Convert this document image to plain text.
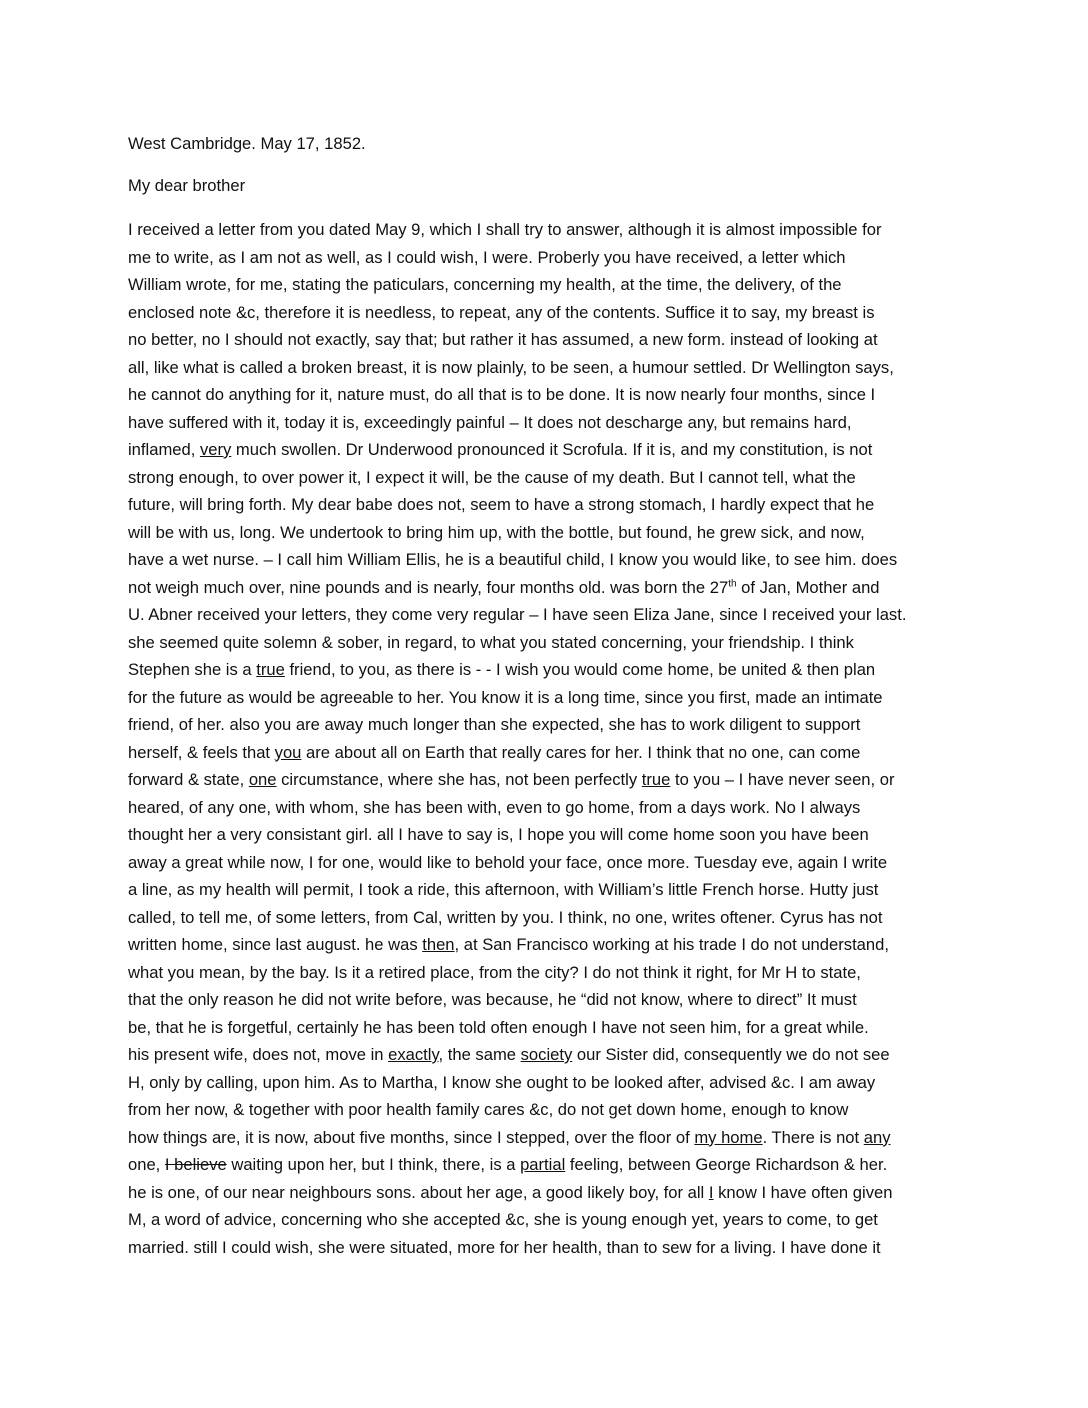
West Cambridge. May 17, 1852.
My dear brother
I received a letter from you dated May 9, which I shall try to answer, although it is almost impossible for
me to write, as I am not as well, as I could wish, I were. Proberly you have received, a letter which
William wrote, for me, stating the paticulars, concerning my health, at the time, the delivery, of the
enclosed note &c, therefore it is needless, to repeat, any of the contents. Suffice it to say, my breast is
no better, no I should not exactly, say that; but rather it has assumed, a new form. instead of looking at
all, like what is called a broken breast, it is now plainly, to be seen, a humour settled. Dr Wellington says,
he cannot do anything for it, nature must, do all that is to be done. It is now nearly four months, since I
have suffered with it, today it is, exceedingly painful – It does not descharge any, but remains hard,
inflamed, very much swollen. Dr Underwood pronounced it Scrofula. If it is, and my constitution, is not
strong enough, to over power it, I expect it will, be the cause of my death. But I cannot tell, what the
future, will bring forth. My dear babe does not, seem to have a strong stomach, I hardly expect that he
will be with us, long. We undertook to bring him up, with the bottle, but found, he grew sick, and now,
have a wet nurse. – I call him William Ellis, he is a beautiful child, I know you would like, to see him. does
not weigh much over, nine pounds and is nearly, four months old. was born the 27th of Jan, Mother and
U. Abner received your letters, they come very regular – I have seen Eliza Jane, since I received your last.
she seemed quite solemn & sober, in regard, to what you stated concerning, your friendship. I think
Stephen she is a true friend, to you, as there is - - I wish you would come home, be united & then plan
for the future as would be agreeable to her. You know it is a long time, since you first, made an intimate
friend, of her. also you are away much longer than she expected, she has to work diligent to support
herself, & feels that you are about all on Earth that really cares for her. I think that no one, can come
forward & state, one circumstance, where she has, not been perfectly true to you – I have never seen, or
heared, of any one, with whom, she has been with, even to go home, from a days work. No I always
thought her a very consistant girl. all I have to say is, I hope you will come home soon you have been
away a great while now, I for one, would like to behold your face, once more. Tuesday eve, again I write
a line, as my health will permit, I took a ride, this afternoon, with William’s little French horse. Hutty just
called, to tell me, of some letters, from Cal, written by you. I think, no one, writes oftener. Cyrus has not
written home, since last august. he was then, at San Francisco working at his trade I do not understand,
what you mean, by the bay. Is it a retired place, from the city? I do not think it right, for Mr H to state,
that the only reason he did not write before, was because, he “did not know, where to direct” It must
be, that he is forgetful, certainly he has been told often enough I have not seen him, for a great while.
his present wife, does not, move in exactly, the same society our Sister did, consequently we do not see
H, only by calling, upon him. As to Martha, I know she ought to be looked after, advised &c. I am away
from her now, & together with poor health family cares &c, do not get down home, enough to know
how things are, it is now, about five months, since I stepped, over the floor of my home. There is not any
one, I believe waiting upon her, but I think, there, is a partial feeling, between George Richardson & her.
he is one, of our near neighbours sons. about her age, a good likely boy, for all I know I have often given
M, a word of advice, concerning who she accepted &c, she is young enough yet, years to come, to get
married. still I could wish, she were situated, more for her health, than to sew for a living. I have done it
